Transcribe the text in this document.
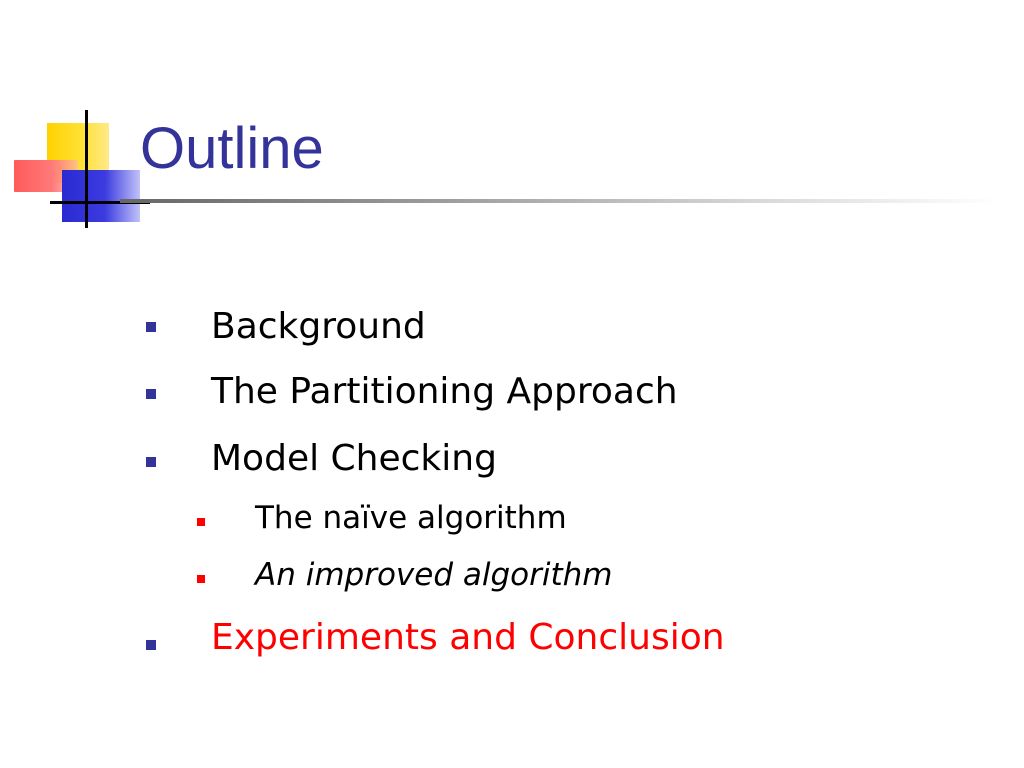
Outline
Background
The Partitioning Approach
Model Checking
The naïve algorithm
An improved algorithm
Experiments and Conclusion
